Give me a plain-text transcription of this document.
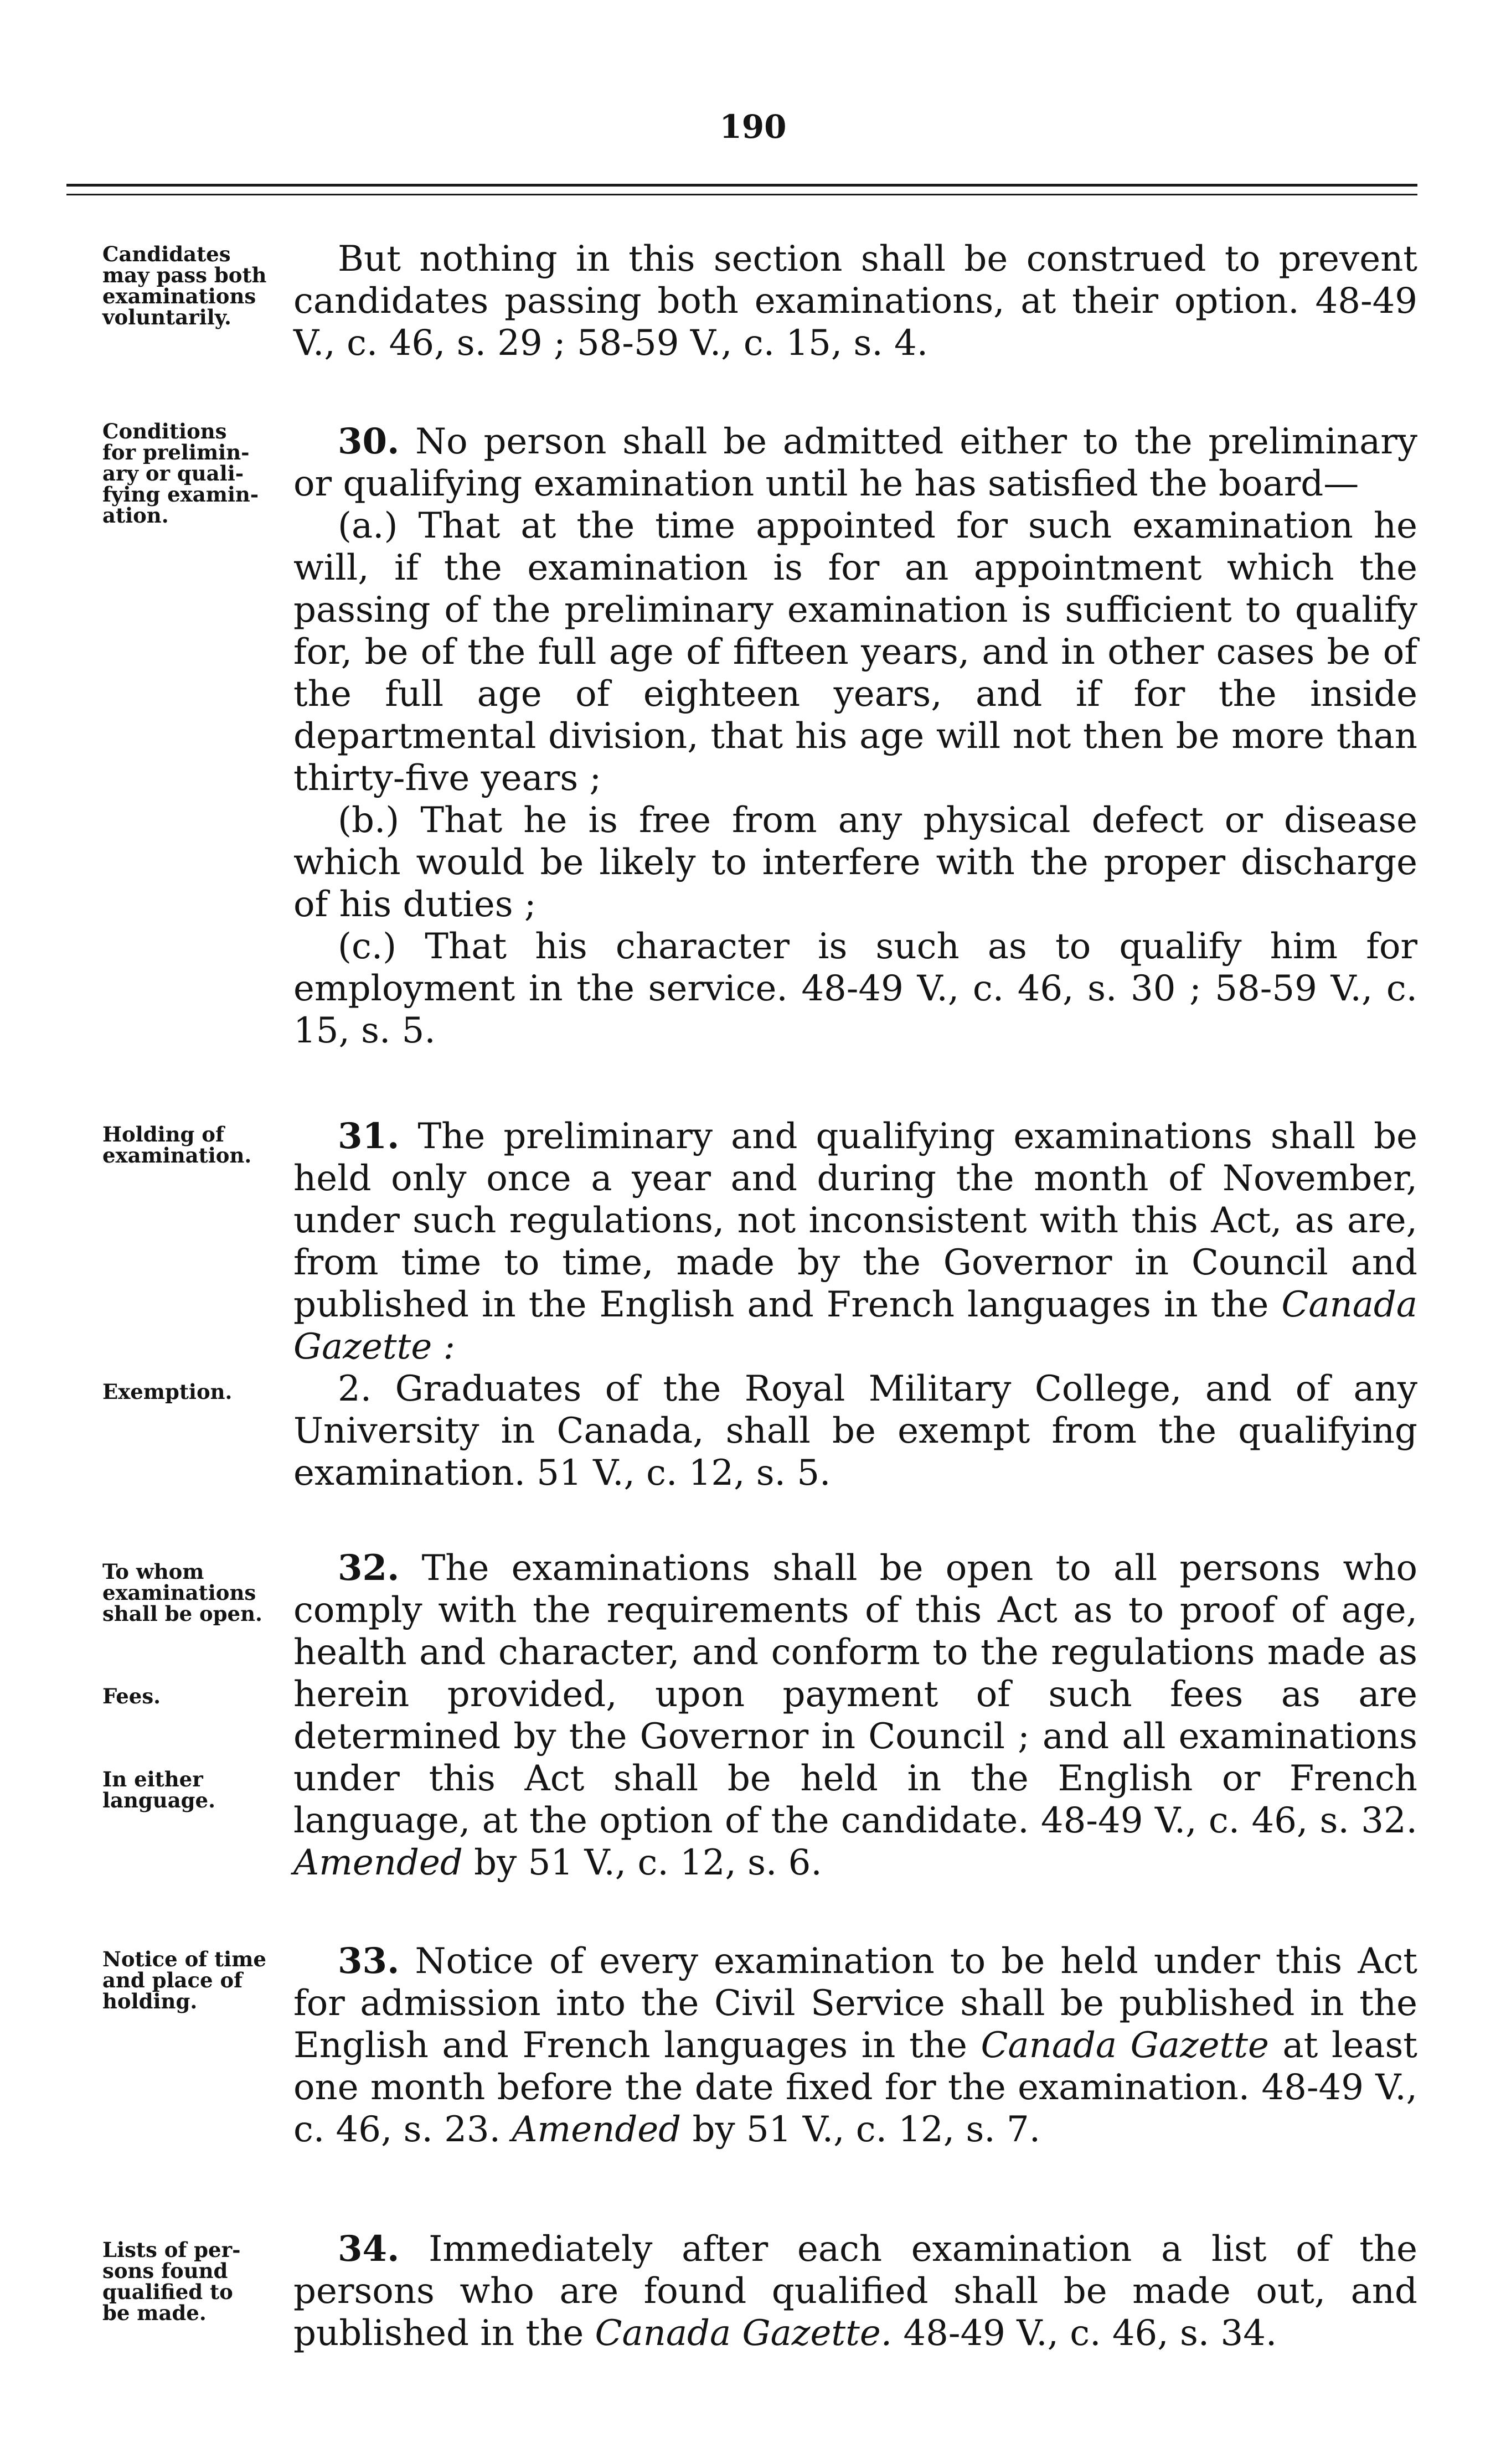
190
Candidates
may pass both
examinations
voluntarily.

But nothing in this section shall be construed to prevent candidates passing both examinations, at their option. 48-49 V., c. 46, s. 29 ; 58-59 V., c. 15, s. 4.

Conditions
for prelimin-
ary or quali-
fying examin-
ation.

30. No person shall be admitted either to the preliminary or qualifying examination until he has satisfied the board—

(a.) That at the time appointed for such examination he will, if the examination is for an appointment which the passing of the preliminary examination is sufficient to qualify for, be of the full age of fifteen years, and in other cases be of the full age of eighteen years, and if for the inside departmental division, that his age will not then be more than thirty-five years ;

(b.) That he is free from any physical defect or disease which would be likely to interfere with the proper discharge of his duties ;

(c.) That his character is such as to qualify him for employment in the service. 48-49 V., c. 46, s. 30 ; 58-59 V., c. 15, s. 5.

Holding of
examination.
Exemption.

31. The preliminary and qualifying examinations shall be held only once a year and during the month of November, under such regulations, not inconsistent with this Act, as are, from time to time, made by the Governor in Council and published in the English and French languages in the Canada Gazette :

2. Graduates of the Royal Military College, and of any University in Canada, shall be exempt from the qualifying examination. 51 V., c. 12, s. 5.

To whom
examinations
shall be open.
Fees.
In either
language.

32. The examinations shall be open to all persons who comply with the requirements of this Act as to proof of age, health and character, and conform to the regulations made as herein provided, upon payment of such fees as are determined by the Governor in Council ; and all examinations under this Act shall be held in the English or French language, at the option of the candidate. 48-49 V., c. 46, s. 32. Amended by 51 V., c. 12, s. 6.

Notice of time
and place of
holding.

33. Notice of every examination to be held under this Act for admission into the Civil Service shall be published in the English and French languages in the Canada Gazette at least one month before the date fixed for the examination. 48-49 V., c. 46, s. 23. Amended by 51 V., c. 12, s. 7.

Lists of per-
sons found
qualified to
be made.

34. Immediately after each examination a list of the persons who are found qualified shall be made out, and published in the Canada Gazette. 48-49 V., c. 46, s. 34.
